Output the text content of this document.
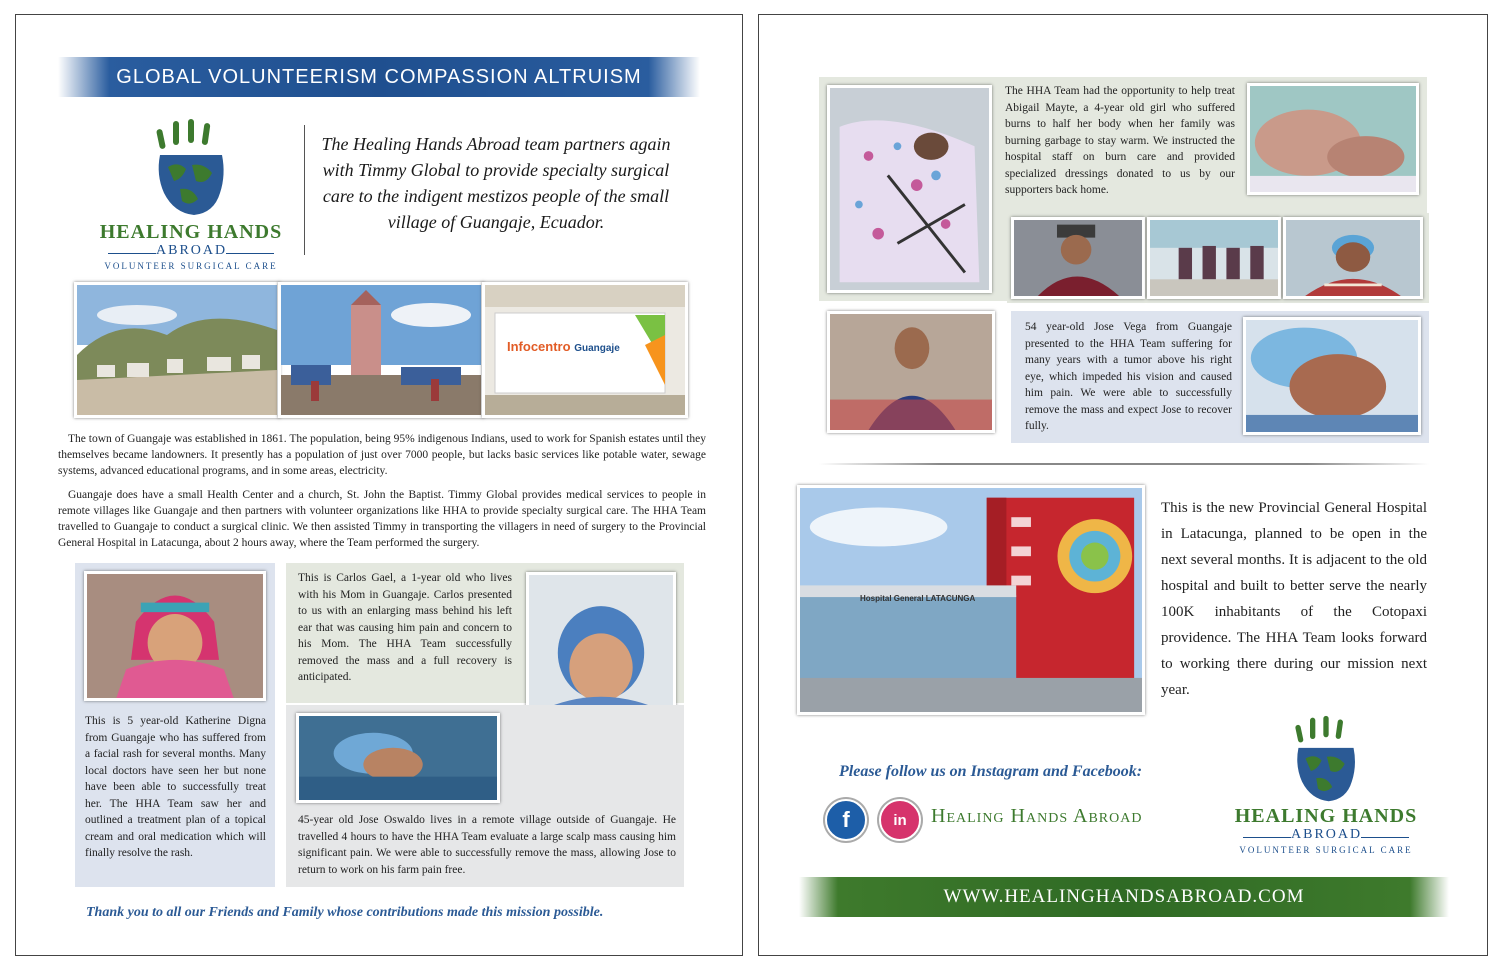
GLOBAL VOLUNTEERISM COMPASSION ALTRUISM
HEALING HANDS
ABROAD
VOLUNTEER SURGICAL CARE
The Healing Hands Abroad team partners again with Timmy Global to provide specialty surgical care to the indigent mestizos people of the small village of Guangaje, Ecuador.
Infocentro Guangaje
The town of Guangaje was established in 1861. The population, being 95% indigenous Indians, used to work for Spanish estates until they themselves became landowners. It presently has a population of just over 7000 people, but lacks basic services like potable water, sewage systems, advanced educational programs, and in some areas, electricity.
Guangaje does have a small Health Center and a church, St. John the Baptist. Timmy Global provides medical services to people in remote villages like Guangaje and then partners with volunteer organizations like HHA to provide specialty surgical care. The HHA Team travelled to Guangaje to conduct a surgical clinic. We then assisted Timmy in transporting the villagers in need of surgery to the Provincial General Hospital in Latacunga, about 2 hours away, where the Team performed the surgery.
This is 5 year-old Katherine Digna from Guangaje who has suffered from a facial rash for several months. Many local doctors have seen her but none have been able to successfully treat her. The HHA Team saw her and outlined a treatment plan of a topical cream and oral medication which will finally resolve the rash.
This is Carlos Gael, a 1-year old who lives with his Mom in Guangaje. Carlos presented to us with an enlarging mass behind his left ear that was causing him pain and concern to his Mom. The HHA Team successfully removed the mass and a full recovery is anticipated.
45-year old Jose Oswaldo lives in a remote village outside of Guangaje. He travelled 4 hours to have the HHA Team evaluate a large scalp mass causing him significant pain. We were able to successfully remove the mass, allowing Jose to return to work on his farm pain free.
Thank you to all our Friends and Family whose contributions made this mission possible.
The HHA Team had the opportunity to help treat Abigail Mayte, a 4-year old girl who suffered burns to half her body when her family was burning garbage to stay warm. We instructed the hospital staff on burn care and provided specialized dressings donated to us by our supporters back home.
54 year-old Jose Vega from Guangaje presented to the HHA Team suffering for many years with a tumor above his right eye, which impeded his vision and caused him pain. We were able to successfully remove the mass and expect Jose to recover fully.
Hospital General LATACUNGA
This is the new Provincial General Hospital in Latacunga, planned to be open in the next several months. It is adjacent to the old hospital and built to better serve the nearly 100K inhabitants of the Cotopaxi providence. The HHA Team looks forward to working there during our mission next year.
Please follow us on Instagram and Facebook:
f	in	Healing Hands Abroad	HEALING HANDS
ABROAD
VOLUNTEER SURGICAL CARE
WWW.HEALINGHANDSABROAD.COM
